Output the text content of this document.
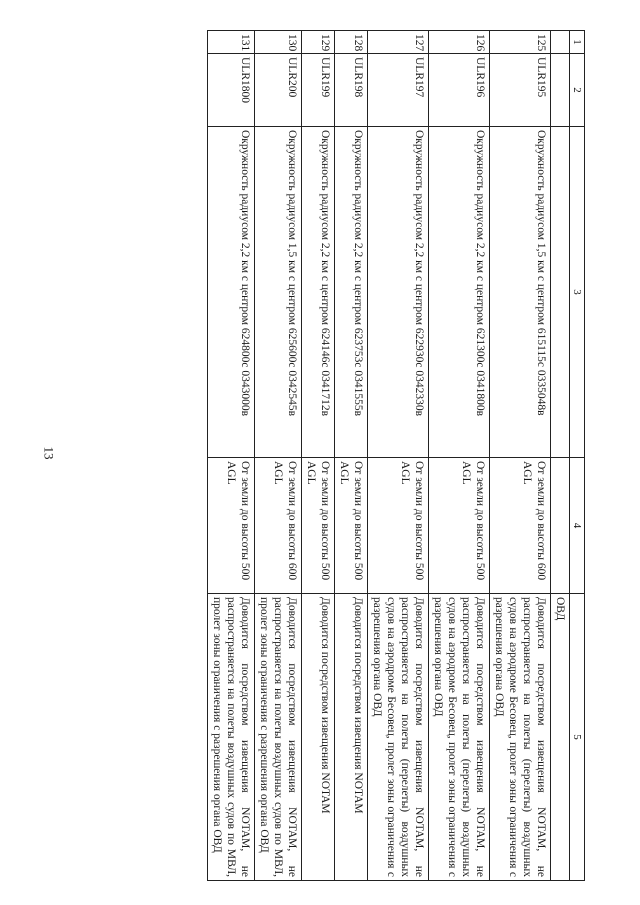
13
1	2	3	4	5
				ОВД
125	ULR195	Окружность радиусом 1,5 км с центром 615115с 0335048в	От земли до высоты 600 AGL	Доводится посредством извещения NOTAM, не распространяется на полеты (перелеты) воздушных судов на аэродроме Бесовец, пролет зоны ограничения с разрешения органа ОВД
126	ULR196	Окружность радиусом 2,2 км с центром 621300с 0341800в	От земли до высоты 500 AGL	Доводится посредством извещения NOTAM, не распространяется на полеты (перелеты) воздушных судов на аэродроме Бесовец, пролет зоны ограничения с разрешения органа ОВД
127	ULR197	Окружность радиусом 2,2 км с центром 622930с 0342330в	От земли до высоты 500 AGL	Доводится посредством извещения NOTAM, не распространяется на полеты (перелеты) воздушных судов на аэродроме Бесовец, пролет зоны ограничения с разрешения органа ОВД
128	ULR198	Окружность радиусом 2,2 км с центром 623753с 0341555в	От земли до высоты 500 AGL	Доводится посредством извещения NOTAM
129	ULR199	Окружность радиусом 2,2 км с центром 624146с 0341712в	От земли до высоты 500 AGL	Доводится посредством извещения NOTAM
130	ULR200	Окружность радиусом 1,5 км с центром 625600с 0342545в	От земли до высоты 600 AGL	Доводится посредством извещения NOTAM, не распространяется на полеты воздушных судов по МВЛ, пролет зоны ограничения с разрешения органа ОВД
131	ULR1800	Окружность радиусом 2,2 км с центром 624800с 0343000в	От земли до высоты 500 AGL	Доводится посредством извещения NOTAM, не распространяется на полеты воздушных судов по МВЛ, пролет зоны ограничения с разрешения органа ОВД
